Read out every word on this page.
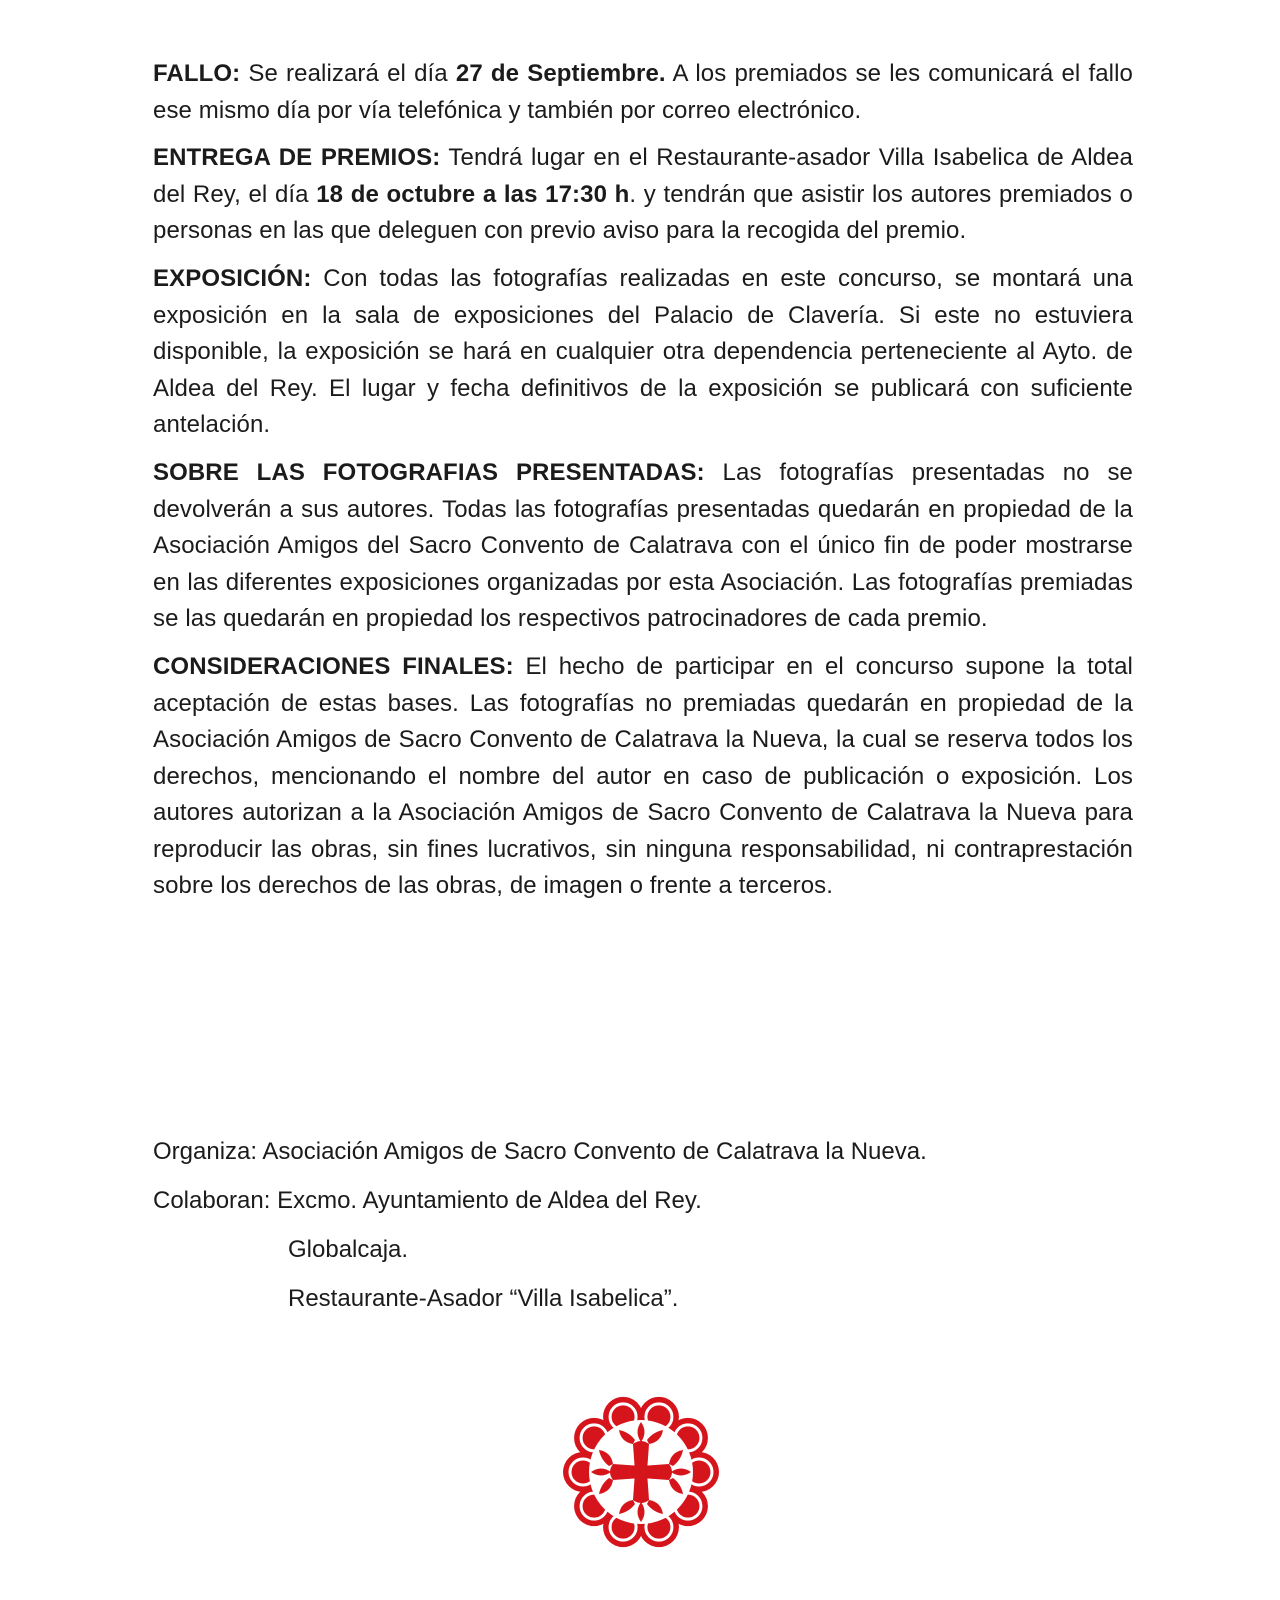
FALLO: Se realizará el día 27 de Septiembre. A los premiados se les comunicará el fallo ese mismo día por vía telefónica y también por correo electrónico.

ENTREGA DE PREMIOS: Tendrá lugar en el Restaurante-asador Villa Isabelica de Aldea del Rey, el día 18 de octubre a las 17:30 h. y tendrán que asistir los autores premiados o personas en las que deleguen con previo aviso para la recogida del premio.

EXPOSICIÓN: Con todas las fotografías realizadas en este concurso, se montará una exposición en la sala de exposiciones del Palacio de Clavería. Si este no estuviera disponible, la exposición se hará en cualquier otra dependencia perteneciente al Ayto. de Aldea del Rey. El lugar y fecha definitivos de la exposición se publicará con suficiente antelación.

SOBRE LAS FOTOGRAFIAS PRESENTADAS: Las fotografías presentadas no se devolverán a sus autores. Todas las fotografías presentadas quedarán en propiedad de la Asociación Amigos del Sacro Convento de Calatrava con el único fin de poder mostrarse en las diferentes exposiciones organizadas por esta Asociación. Las fotografías premiadas se las quedarán en propiedad los respectivos patrocinadores de cada premio.

CONSIDERACIONES FINALES: El hecho de participar en el concurso supone la total aceptación de estas bases. Las fotografías no premiadas quedarán en propiedad de la Asociación Amigos de Sacro Convento de Calatrava la Nueva, la cual se reserva todos los derechos, mencionando el nombre del autor en caso de publicación o exposición. Los autores autorizan a la Asociación Amigos de Sacro Convento de Calatrava la Nueva para reproducir las obras, sin fines lucrativos, sin ninguna responsabilidad, ni contraprestación sobre los derechos de las obras, de imagen o frente a terceros.

Organiza: Asociación Amigos de Sacro Convento de Calatrava la Nueva.
Colaboran: Excmo. Ayuntamiento de Aldea del Rey.
Globalcaja.
Restaurante-Asador “Villa Isabelica”.
